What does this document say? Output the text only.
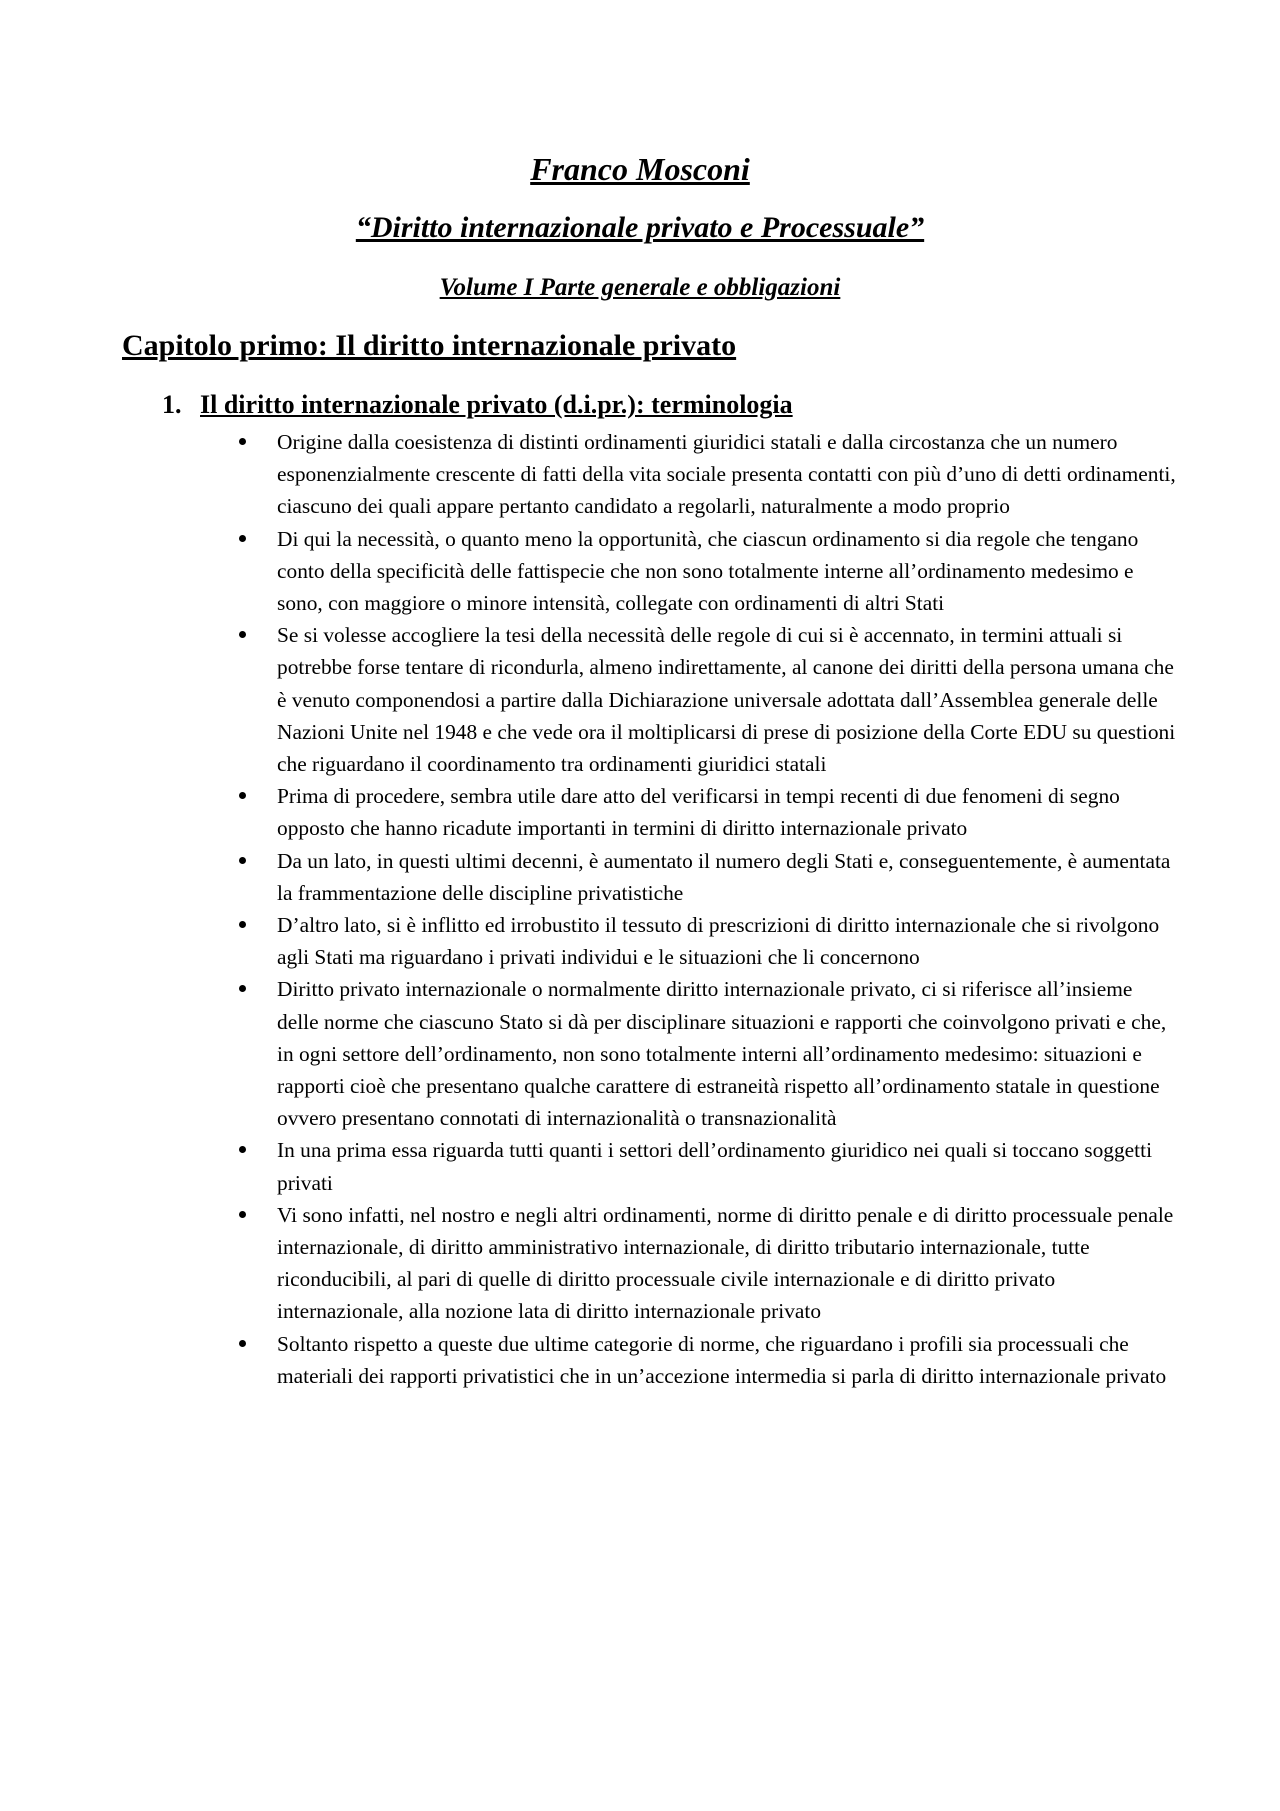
Franco Mosconi
“Diritto internazionale privato e Processuale”
Volume I Parte generale e obbligazioni
Capitolo primo: Il diritto internazionale privato
1. Il diritto internazionale privato (d.i.pr.): terminologia
Origine dalla coesistenza di distinti ordinamenti giuridici statali e dalla circostanza che un numero esponenzialmente crescente di fatti della vita sociale presenta contatti con più d’uno di detti ordinamenti, ciascuno dei quali appare pertanto candidato a regolarli, naturalmente a modo proprio
Di qui la necessità, o quanto meno la opportunità, che ciascun ordinamento si dia regole che tengano conto della specificità delle fattispecie che non sono totalmente interne all’ordinamento medesimo e sono, con maggiore o minore intensità, collegate con ordinamenti di altri Stati
Se si volesse accogliere la tesi della necessità delle regole di cui si è accennato, in termini attuali si potrebbe forse tentare di ricondurla, almeno indirettamente, al canone dei diritti della persona umana che è venuto componendosi a partire dalla Dichiarazione universale adottata dall’Assemblea generale delle Nazioni Unite nel 1948 e che vede ora il moltiplicarsi di prese di posizione della Corte EDU su questioni che riguardano il coordinamento tra ordinamenti giuridici statali
Prima di procedere, sembra utile dare atto del verificarsi in tempi recenti di due fenomeni di segno opposto che hanno ricadute importanti in termini di diritto internazionale privato
Da un lato, in questi ultimi decenni, è aumentato il numero degli Stati e, conseguentemente, è aumentata la frammentazione delle discipline privatistiche
D’altro lato, si è inflitto ed irrobustito il tessuto di prescrizioni di diritto internazionale che si rivolgono agli Stati ma riguardano i privati individui e le situazioni che li concernono
Diritto privato internazionale o normalmente diritto internazionale privato, ci si riferisce all’insieme delle norme che ciascuno Stato si dà per disciplinare situazioni e rapporti che coinvolgono privati e che, in ogni settore dell’ordinamento, non sono totalmente interni all’ordinamento medesimo: situazioni e rapporti cioè che presentano qualche carattere di estraneità rispetto all’ordinamento statale in questione ovvero presentano connotati di internazionalità o transnazionalità
In una prima essa riguarda tutti quanti i settori dell’ordinamento giuridico nei quali si toccano soggetti privati
Vi sono infatti, nel nostro e negli altri ordinamenti, norme di diritto penale e di diritto processuale penale internazionale, di diritto amministrativo internazionale, di diritto tributario internazionale, tutte riconducibili, al pari di quelle di diritto processuale civile internazionale e di diritto privato internazionale, alla nozione lata di diritto internazionale privato
Soltanto rispetto a queste due ultime categorie di norme, che riguardano i profili sia processuali che materiali dei rapporti privatistici che in un’accezione intermedia si parla di diritto internazionale privato
